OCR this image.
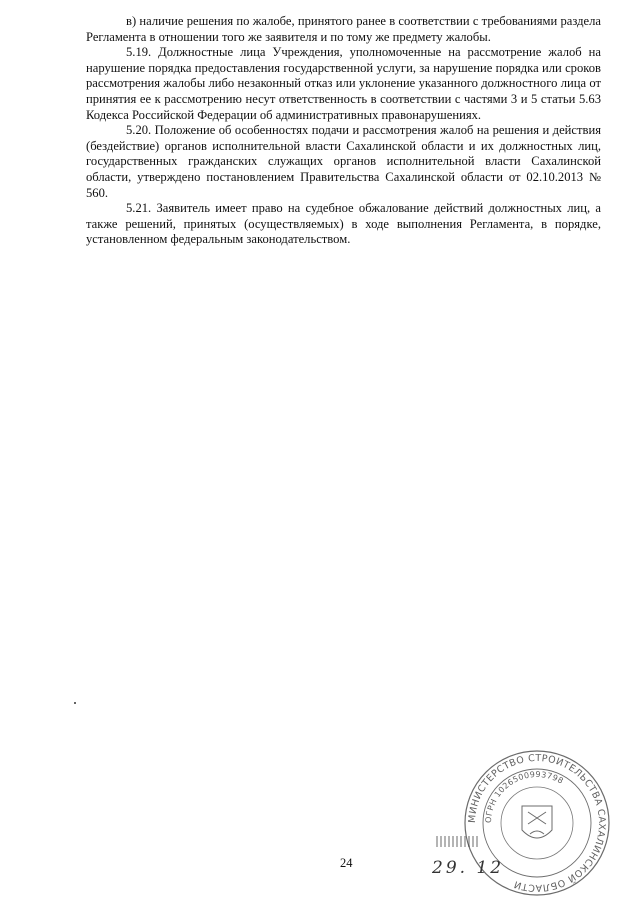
в) наличие решения по жалобе, принятого ранее в соответствии с требованиями раздела Регламента в отношении того же заявителя и по тому же предмету жалобы.

5.19. Должностные лица Учреждения, уполномоченные на рассмотрение жалоб на нарушение порядка предоставления государственной услуги, за нарушение порядка или сроков рассмотрения жалобы либо незаконный отказ или уклонение указанного должностного лица от принятия ее к рассмотрению несут ответственность в соответствии с частями 3 и 5 статьи 5.63 Кодекса Российской Федерации об административных правонарушениях.

5.20. Положение об особенностях подачи и рассмотрения жалоб на решения и действия (бездействие) органов исполнительной власти Сахалинской области и их должностных лиц, государственных гражданских служащих органов исполнительной власти Сахалинской области, утверждено постановлением Правительства Сахалинской области от 02.10.2013 № 560.

5.21. Заявитель имеет право на судебное обжалование действий должностных лиц, а также решений, принятых (осуществляемых) в ходе выполнения Регламента, в порядке, установленном федеральным законодательством.

МИНИСТЕРСТВО СТРОИТЕЛЬСТВА САХАЛИНСКОЙ ОБЛАСТИ
ОГРН 1026500993798
29. 12
24
